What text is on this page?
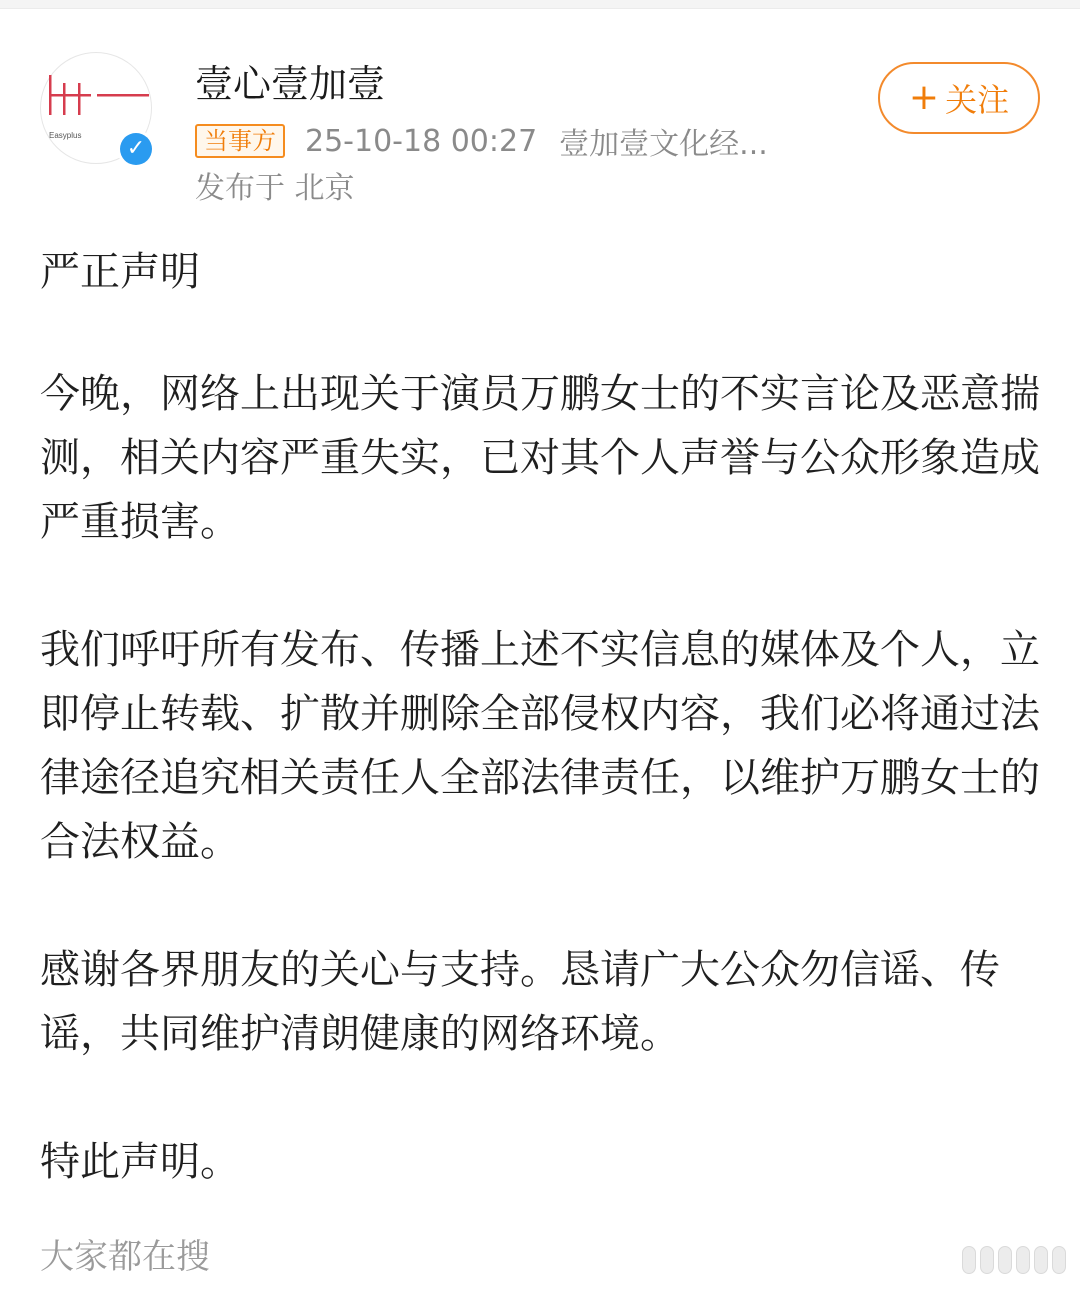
Easyplus
✓
壹心壹加壹
当事方 25-10-18 00:27 壹加壹文化经...
发布于 北京
+ 关注

严正声明

今晚，网络上出现关于演员万鹏女士的不实言论及恶意揣测，相关内容严重失实，已对其个人声誉与公众形象造成严重损害。

我们呼吁所有发布、传播上述不实信息的媒体及个人，立即停止转载、扩散并删除全部侵权内容，我们必将通过法律途径追究相关责任人全部法律责任，以维护万鹏女士的合法权益。

感谢各界朋友的关心与支持。恳请广大公众勿信谣、传谣，共同维护清朗健康的网络环境。

特此声明。

大家都在搜
